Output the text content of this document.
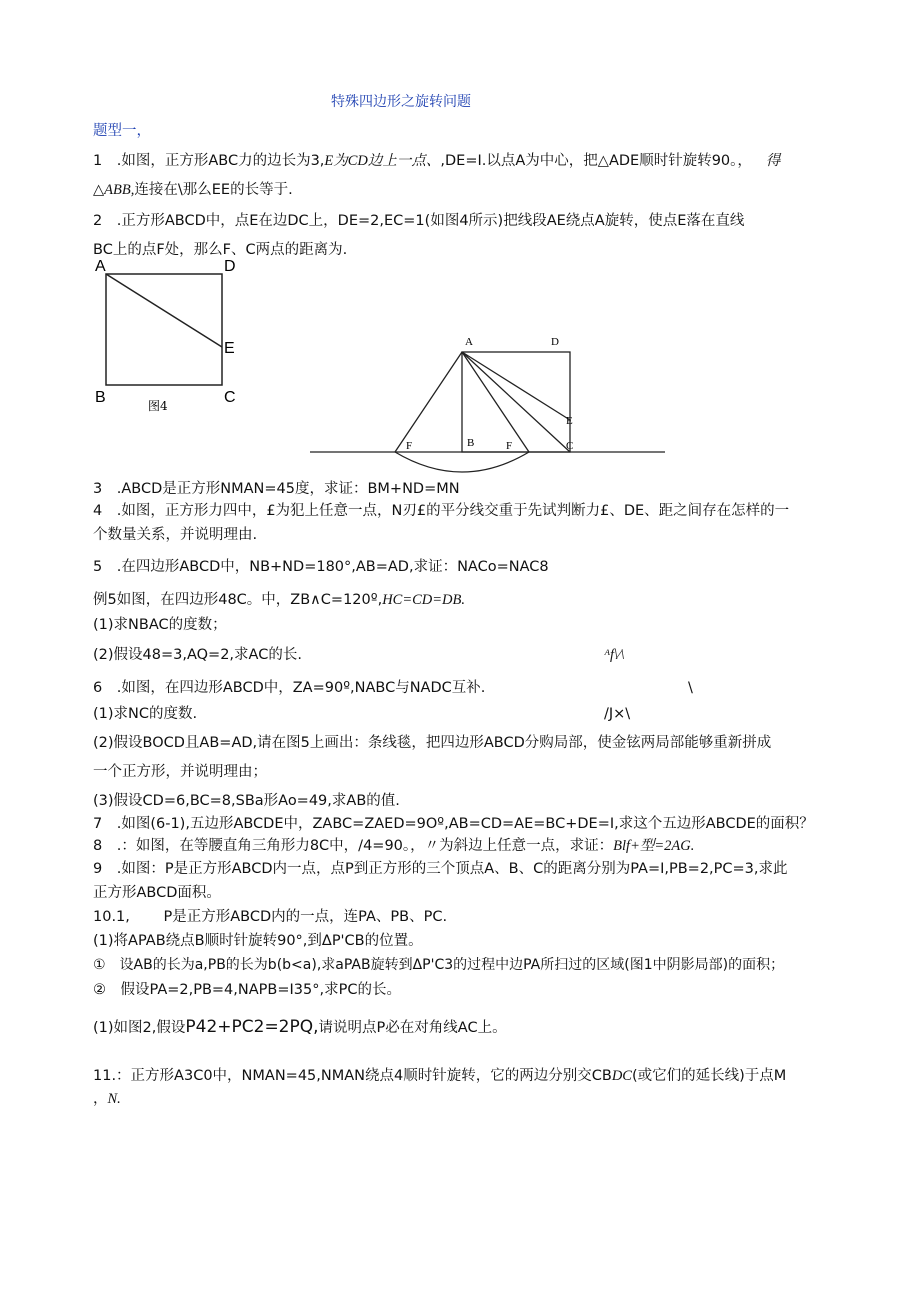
特殊四边形之旋转问题
题型一，
1　.如图，正方形ABC力的边长为3,E为CD边上一点、,DE=I.以点A为中心，把△ADE顺时针旋转90。， 得
△ABB,连接在\那么EE的长等于.
2　.正方形ABCD中，点E在边DC上，DE=2,EC=1(如图4所示)把线段AE绕点A旋转，使点E落在直线
BC上的点F处，那么F、C两点的距离为.
A	D
E
B	C
图4
A	D
E
F	B	F	C
3　.ABCD是正方形NMAN=45度，求证：BM+ND=MN
4　.如图，正方形力四中，£为犯上任意一点，N刃£的平分线交重于先试判断力£、DE、距之间存在怎样的一
个数量关系，并说明理由.
5　.在四边形ABCD中，NB+ND=180°,AB=AD,求证：NACo=NAC8
例5如图，在四边形48C。中，ZB∧C=120º,HC=CD=DB.
(1)求NBAC的度数；
(2)假设48=3,AQ=2,求AC的长.	ᴬf\∕\
6　.如图，在四边形ABCD中，ZA=90º,NABC与NADC互补.	\
(1)求NC的度数.	∕J×\
(2)假设BOCD且AB=AD,请在图5上画出：条线毯，把四边形ABCD分购局部，使金铉两局部能够重新拼成
一个正方形，并说明理由；
(3)假设CD=6,BC=8,SBa形Ao=49,求AB的值.
7　.如图(6-1),五边形ABCDE中，ZABC=ZAED=9Oº,AB=CD=AE=BC+DE=I,求这个五边形ABCDE的面积？
8　.：如图，在等腰直角三角形力8C中，/4=90。，〃为斜边上任意一点，求证：Blf+型=2AG.
9　.如图：P是正方形ABCD内一点，点P到正方形的三个顶点A、B、C的距离分别为PA=I,PB=2,PC=3,求此
正方形ABCD面积。
10.1,　　 P是正方形ABCD内的一点，连PA、PB、PC.
(1)将APAB绕点B顺时针旋转90°,到ΔP'CB的位置。
①　设AB的长为a,PB的长为b(b<a),求aPAB旋转到ΔP'C3的过程中边PA所扫过的区域(图1中阴影局部)的面积；
②　假设PA=2,PB=4,NAPB=I35°,求PC的长。
(1)如图2,假设P42+PC2=2PQ,请说明点P必在对角线AC上。
11.：正方形A3C0中，NMAN=45,NMAN绕点4顺时针旋转，它的两边分别交CBDC(或它们的延长线)于点M
，N.
